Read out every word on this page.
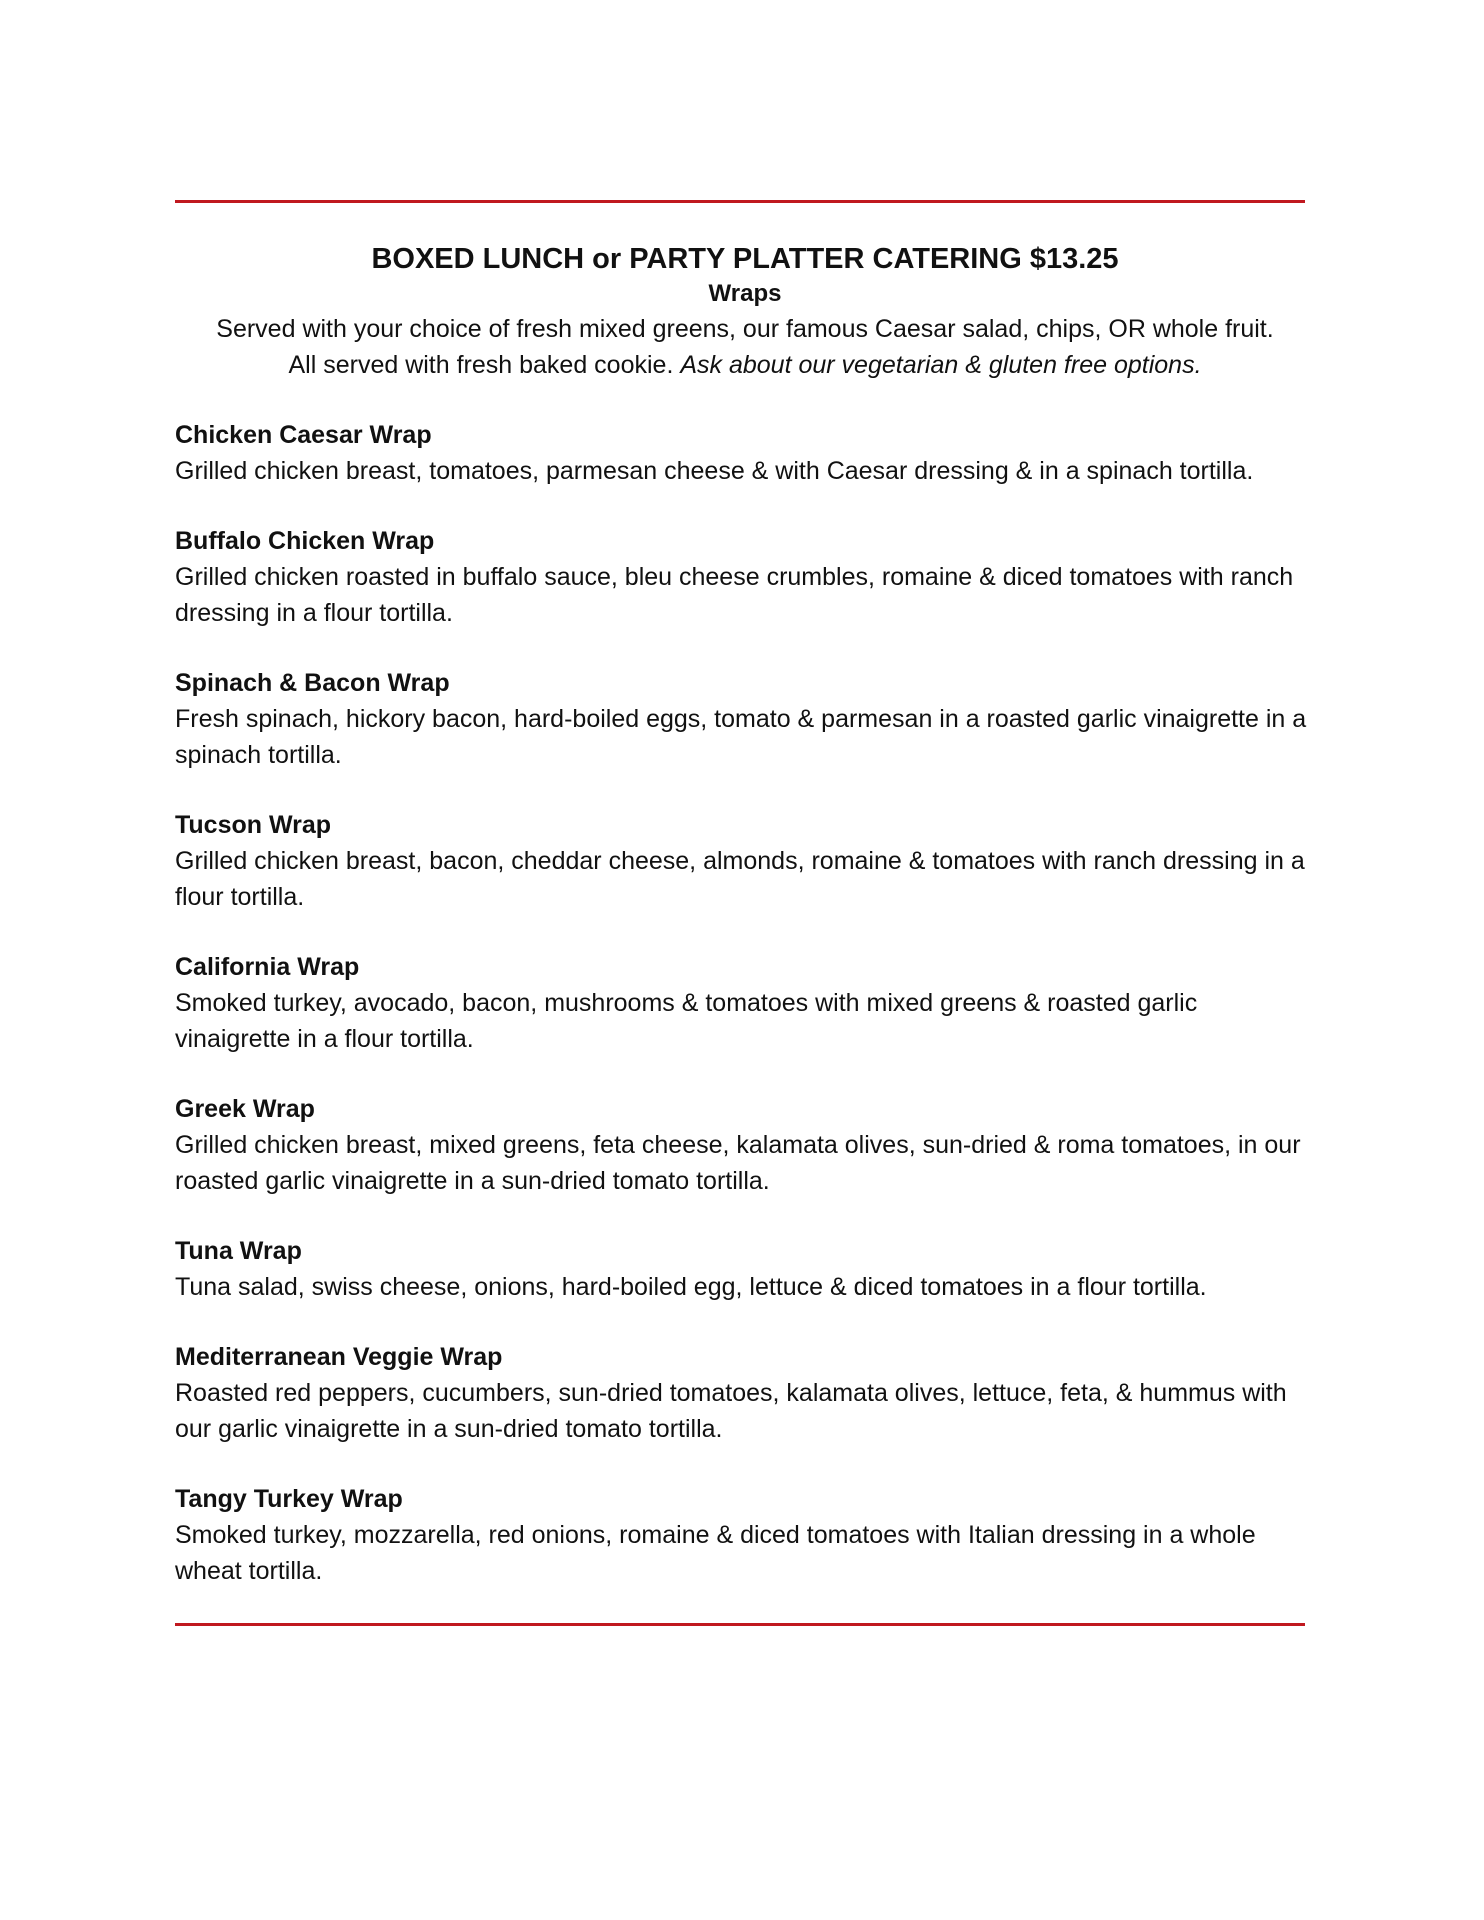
BOXED LUNCH or PARTY PLATTER CATERING $13.25
Wraps
Served with your choice of fresh mixed greens, our famous Caesar salad, chips, OR whole fruit.
All served with fresh baked cookie. Ask about our vegetarian & gluten free options.
Chicken Caesar Wrap
Grilled chicken breast, tomatoes, parmesan cheese & with Caesar dressing & in a spinach tortilla.
Buffalo Chicken Wrap
Grilled chicken roasted in buffalo sauce, bleu cheese crumbles, romaine & diced tomatoes with ranch dressing in a flour tortilla.
Spinach & Bacon Wrap
Fresh spinach, hickory bacon, hard-boiled eggs, tomato & parmesan in a roasted garlic vinaigrette in a spinach tortilla.
Tucson Wrap
Grilled chicken breast, bacon, cheddar cheese, almonds, romaine & tomatoes with ranch dressing in a flour tortilla.
California Wrap
Smoked turkey, avocado, bacon, mushrooms & tomatoes with mixed greens & roasted garlic vinaigrette in a flour tortilla.
Greek Wrap
Grilled chicken breast, mixed greens, feta cheese, kalamata olives, sun-dried & roma tomatoes, in our roasted garlic vinaigrette in a sun-dried tomato tortilla.
Tuna Wrap
Tuna salad, swiss cheese, onions, hard-boiled egg, lettuce & diced tomatoes in a flour tortilla.
Mediterranean Veggie Wrap
Roasted red peppers, cucumbers, sun-dried tomatoes, kalamata olives, lettuce, feta, & hummus with our garlic vinaigrette in a sun-dried tomato tortilla.
Tangy Turkey Wrap
Smoked turkey, mozzarella, red onions, romaine & diced tomatoes with Italian dressing in a whole wheat tortilla.
